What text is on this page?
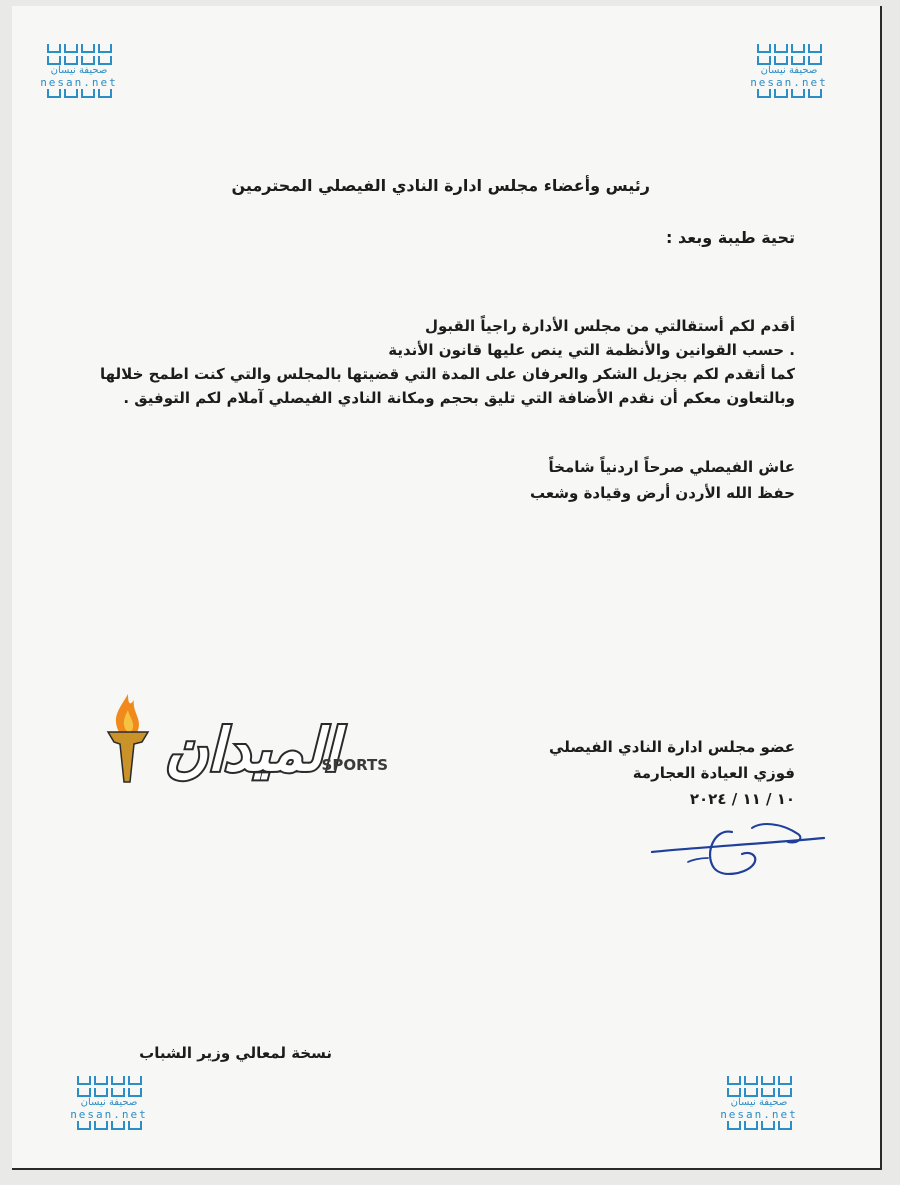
صحيفة نيسان
nesan.net
صحيفة نيسان
nesan.net
صحيفة نيسان
nesan.net
صحيفة نيسان
nesan.net
رئيس وأعضاء مجلس ادارة النادي الفيصلي المحترمين
تحية طيبة وبعد :

أقدم لكم أستقالتي من مجلس الأدارة راجياً القبول

. حسب القوانين والأنظمة التي ينص عليها قانون الأندية

كما أتقدم لكم بجزيل الشكر والعرفان على المدة التي قضيتها بالمجلس والتي كنت اطمح خلالها

وبالتعاون معكم أن نقدم الأضافة التي تليق بحجم ومكانة النادي الفيصلي آملام لكم التوفيق .

عاش الفيصلي صرحاً اردنياً شامخاً

حفظ الله الأردن أرض وقيادة وشعب

الميدان
SPORTS

عضو مجلس ادارة النادي الفيصلي

فوزي العيادة العجارمة

١٠ / ١١ / ٢٠٢٤

نسخة لمعالي وزير الشباب
